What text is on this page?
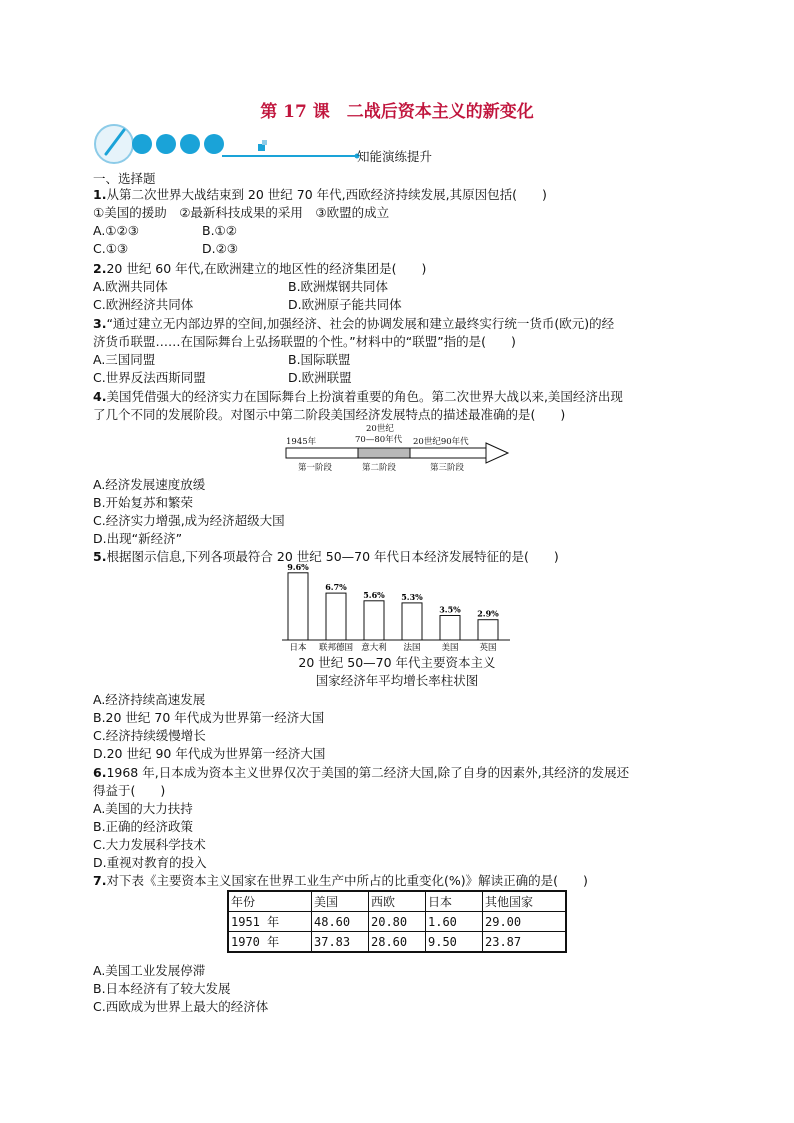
第 17 课　二战后资本主义的新变化
知能演练提升
一、选择题
1.从第二次世界大战结束到 20 世纪 70 年代,西欧经济持续发展,其原因包括(　　)
①美国的援助　②最新科技成果的采用　③欧盟的成立
A.①②③	B.①②
C.①③	D.②③
2.20 世纪 60 年代,在欧洲建立的地区性的经济集团是(　　)
A.欧洲共同体	B.欧洲煤钢共同体
C.欧洲经济共同体	D.欧洲原子能共同体
3.“通过建立无内部边界的空间,加强经济、社会的协调发展和建立最终实行统一货币(欧元)的经
济货币联盟……在国际舞台上弘扬联盟的个性。”材料中的“联盟”指的是(　　)
A.三国同盟	B.国际联盟
C.世界反法西斯同盟	D.欧洲联盟
4.美国凭借强大的经济实力在国际舞台上扮演着重要的角色。第二次世界大战以来,美国经济出现
了几个不同的发展阶段。对图示中第二阶段美国经济发展特点的描述最准确的是(　　)
1945年
20世纪
70—80年代 20世纪90年代
第一阶段	第二阶段	第三阶段
A.经济发展速度放缓
B.开始复苏和繁荣
C.经济实力增强,成为经济超级大国
D.出现“新经济”
5.根据图示信息,下列各项最符合 20 世纪 50—70 年代日本经济发展特征的是(　　)
9.6%
日本
6.7%
联邦德国
5.6%
意大利
5.3%
法国
3.5%
美国
2.9%
英国
20 世纪 50—70 年代主要资本主义
国家经济年平均增长率柱状图
A.经济持续高速发展
B.20 世纪 70 年代成为世界第一经济大国
C.经济持续缓慢增长
D.20 世纪 90 年代成为世界第一经济大国
6.1968 年,日本成为资本主义世界仅次于美国的第二经济大国,除了自身的因素外,其经济的发展还
得益于(　　)
A.美国的大力扶持
B.正确的经济政策
C.大力发展科学技术
D.重视对教育的投入
7.对下表《主要资本主义国家在世界工业生产中所占的比重变化(%)》解读正确的是(　　)
年份	美国	西欧	日本	其他国家
1951 年	48.60	20.80	1.60	29.00
1970 年	37.83	28.60	9.50	23.87
A.美国工业发展停滞
B.日本经济有了较大发展
C.西欧成为世界上最大的经济体
